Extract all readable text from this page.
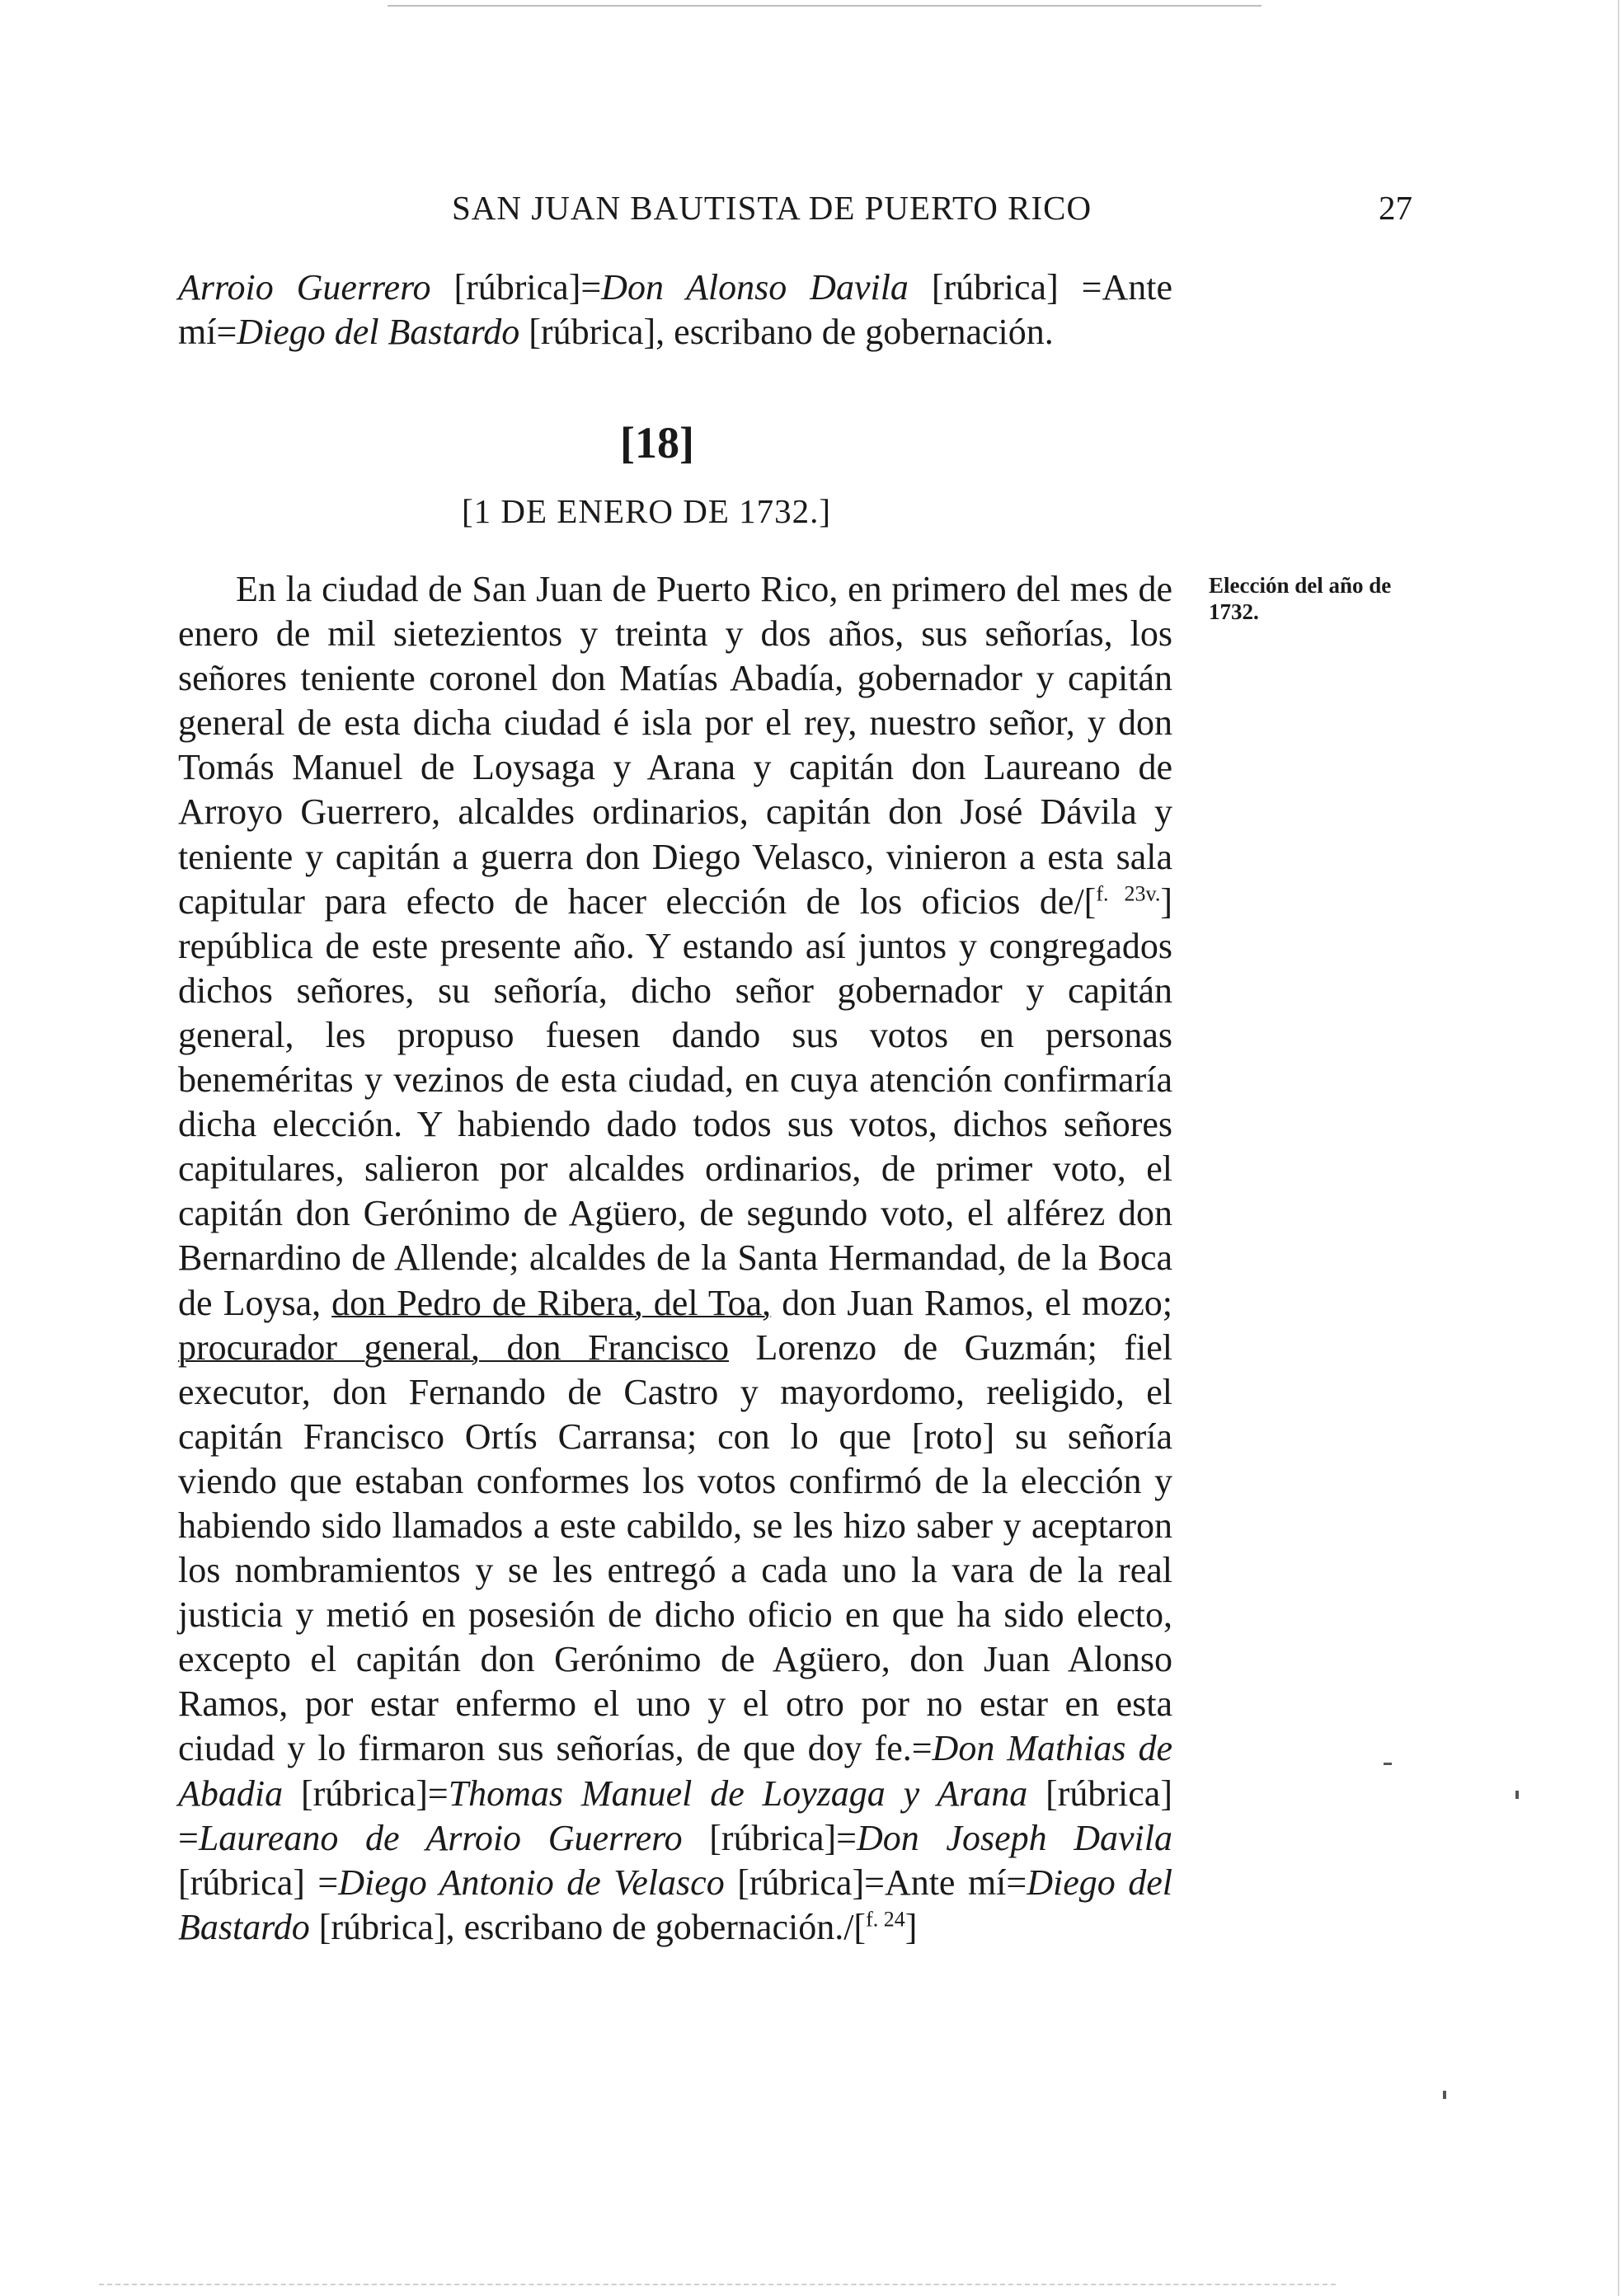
SAN JUAN BAUTISTA DE PUERTO RICO	27

Arroio Guerrero [rúbrica]=Don Alonso Davila [rúbrica] =Ante mí=Diego del Bastardo [rúbrica], escribano de gobernación.

[18]
[1 DE ENERO DE 1732.]
Elección del año de 1732.

En la ciudad de San Juan de Puerto Rico, en primero del mes de enero de mil sietezientos y treinta y dos años, sus señorías, los señores teniente coronel don Matías Abadía, gobernador y capitán general de esta dicha ciudad é isla por el rey, nuestro señor, y don Tomás Manuel de Loysaga y Arana y capitán don Laureano de Arroyo Guerrero, alcaldes ordinarios, capitán don José Dávila y teniente y capitán a guerra don Diego Velasco, vinieron a esta sala capitular para efecto de hacer elección de los oficios de/[$^{f. 23v.}$] república de este presente año. Y estando así juntos y congregados dichos señores, su señoría, dicho señor gobernador y capitán general, les propuso fuesen dando sus votos en personas beneméritas y vezinos de esta ciudad, en cuya atención confirmaría dicha elección. Y habiendo dado todos sus votos, dichos señores capitulares, salieron por alcaldes ordinarios, de primer voto, el capitán don Gerónimo de Agüero, de segundo voto, el alférez don Bernardino de Allende; alcaldes de la Santa Hermandad, de la Boca de Loysa, don Pedro de Ribera, del Toa, don Juan Ramos, el mozo; procurador general, don Francisco Lorenzo de Guzmán; fiel executor, don Fernando de Castro y mayordomo, reeligido, el capitán Francisco Ortís Carransa; con lo que [roto] su señoría viendo que estaban conformes los votos confirmó de la elección y habiendo sido llamados a este cabildo, se les hizo saber y aceptaron los nombramientos y se les entregó a cada uno la vara de la real justicia y metió en posesión de dicho oficio en que ha sido electo, excepto el capitán don Gerónimo de Agüero, don Juan Alonso Ramos, por estar enfermo el uno y el otro por no estar en esta ciudad y lo firmaron sus señorías, de que doy fe.=Don Mathias de Abadia [rúbrica]=Thomas Manuel de Loyzaga y Arana [rúbrica] =Laureano de Arroio Guerrero [rúbrica]=Don Joseph Davila [rúbrica] =Diego Antonio de Velasco [rúbrica]=Ante mí=Diego del Bastardo [rúbrica], escribano de gobernación./[$^{f. 24}$]
